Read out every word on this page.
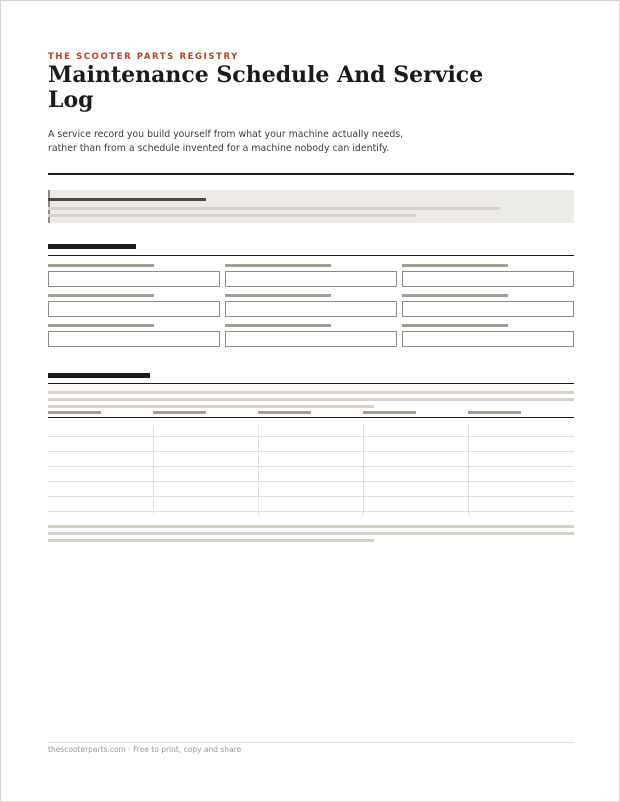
THE SCOOTER PARTS REGISTRY
Maintenance Schedule And Service Log

A service record you build yourself from what your machine actually needs, rather than from a schedule invented for a machine nobody can identify.

thescooterparts.com · Free to print, copy and share
